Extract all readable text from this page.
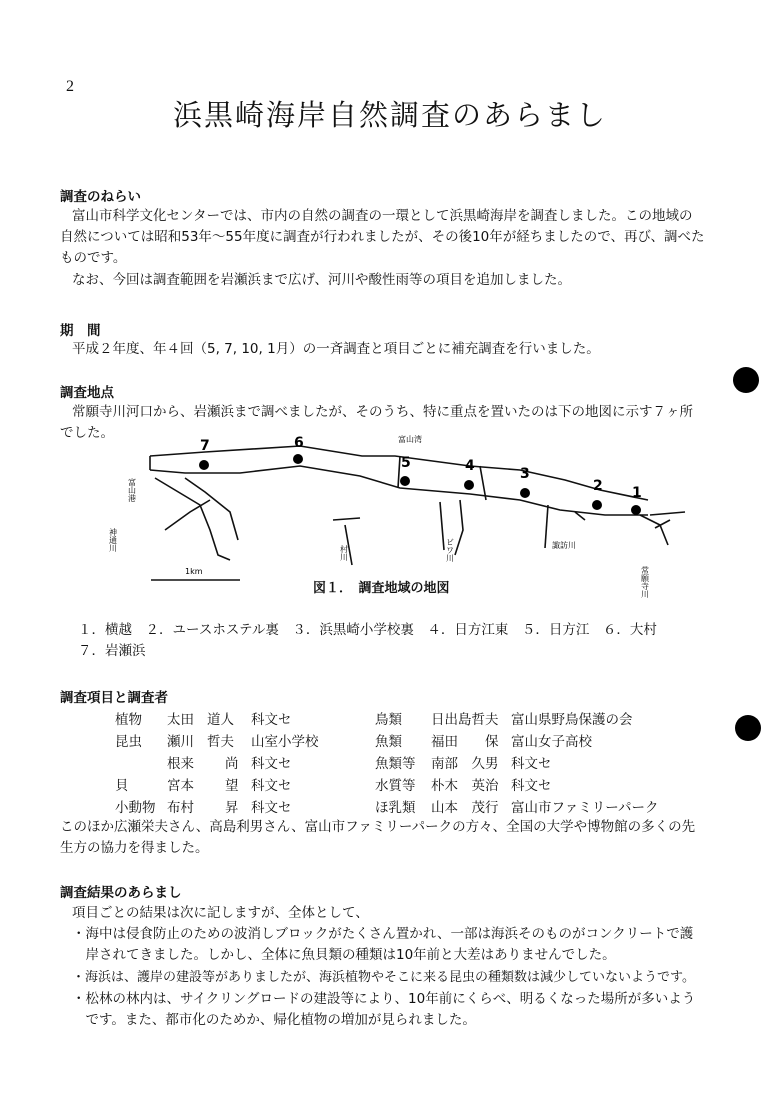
2
浜黒崎海岸自然調査のあらまし
調査のねらい
富山市科学文化センターでは、市内の自然の調査の一環として浜黒崎海岸を調査しました。この地域の
自然については昭和53年〜55年度に調査が行われましたが、その後10年が経ちましたので、再び、調べた
ものです。
なお、今回は調査範囲を岩瀬浜まで広げ、河川や酸性雨等の項目を追加しました。
期　間
平成２年度、年４回（5, 7, 10, 1月）の一斉調査と項目ごとに補充調査を行いました。
調査地点
常願寺川河口から、岩瀬浜まで調べましたが、そのうち、特に重点を置いたのは下の地図に示す７ヶ所
でした。
7	6
5	4	3
2 1
富山湾
1km
諏訪川
富山港
神通川
村川	ビワ川
常願寺川
図１．　調査地域の地図
１．横越　２．ユースホステル裏　３．浜黒崎小学校裏　４．日方江東　５．日方江　６．大村
７．岩瀬浜
調査項目と調査者
植物 太田 道人 科文セ	鳥類 日出島哲夫 富山県野鳥保護の会
昆虫 瀬川 哲夫 山室小学校	魚類 福田　　保 富山女子高校
根来 尚 科文セ	魚類等 南部　久男 科文セ
貝	宮本 望 科文セ	水質等 朴木　英治 科文セ
小動物 布村 昇 科文セ	ほ乳類 山本　茂行 富山市ファミリーパーク
このほか広瀬栄夫さん、高島利男さん、富山市ファミリーパークの方々、全国の大学や博物館の多くの先
生方の協力を得ました。
調査結果のあらまし
項目ごとの結果は次に記しますが、全体として、
・海中は侵食防止のための波消しブロックがたくさん置かれ、一部は海浜そのものがコンクリートで護
　岸されてきました。しかし、全体に魚貝類の種類は10年前と大差はありませんでした。
・海浜は、護岸の建設等がありましたが、海浜植物やそこに来る昆虫の種類数は減少していないようです。
・松林の林内は、サイクリングロードの建設等により、10年前にくらべ、明るくなった場所が多いよう
　です。また、都市化のためか、帰化植物の増加が見られました。
